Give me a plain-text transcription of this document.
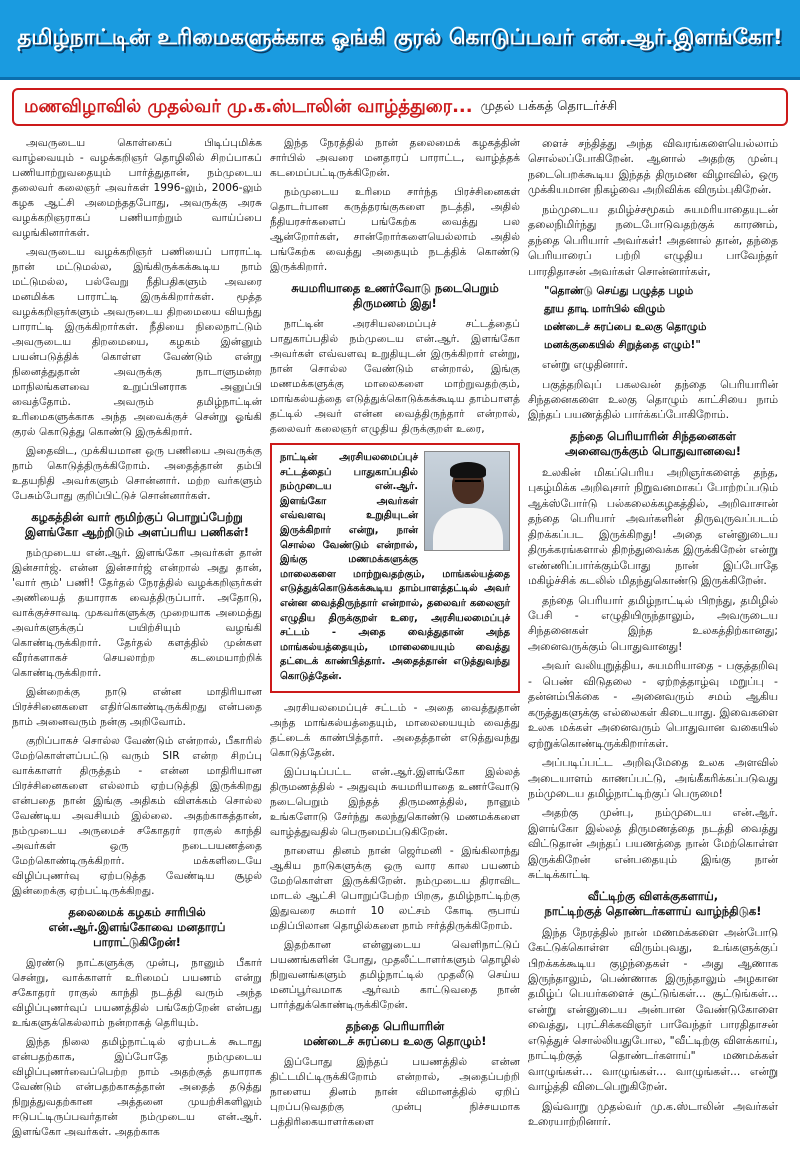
தமிழ்நாட்டின் உரிமைகளுக்காக ஓங்கி குரல் கொடுப்பவர் என்.ஆர்.இளங்கோ!
மணவிழாவில் முதல்வர் மு.க.ஸ்டாலின் வாழ்த்துரை... முதல் பக்கத் தொடர்ச்சி

அவருடைய கொள்கைப் பிடிப்புமிக்க வாழ்வையும் - வழக்கறிஞர் தொழிலில் சிறப்பாகப் பணியாற்றுவதையும் பார்த்துதான், நம்முடைய தலைவர் கலைஞர் அவர்கள் 1996-லும், 2006-லும் கழக ஆட்சி அமைந்ததபோது, அவருக்கு அரசு வழக்கறிஞராகப் பணியாற்றும் வாய்ப்பை வழங்கினார்கள்.

அவருடைய வழக்கறிஞர் பணியைப் பாராட்டி நான் மட்டுமல்ல, இங்கிருக்கக்கூடிய நாம் மட்டுமல்ல, பல்வேறு நீதிபதிகளும் அவரை மனமிக்க பாராட்டி இருக்கிறார்கள். மூத்த வழக்கறிஞர்களும் அவருடைய திறமையை வியந்து பாராட்டி இருக்கிறார்கள். நீதியை நிலைநாட்டும் அவருடைய திறமையை, கழகம் இன்னும் பயன்படுத்திக் கொள்ள வேண்டும் என்று நினைத்துதான் அவருக்கு நாடாளுமன்ற மாநிலங்களவை உறுப்பினராக அனுப்பி வைத்தோம். அவரும் தமிழ்நாட்டின் உரிமைகளுக்காக அந்த அவைக்குச் சென்று ஓங்கி குரல் கொடுத்து கொண்டு இருக்கிறார்.

இதைவிட, முக்கியமான ஒரு பணியை அவருக்கு நாம் கொடுத்திருக்கிறோம். அதைத்தான் தம்பி உதயநிதி அவர்களும் சொன்னார். மற்ற வர்களும் பேசும்போது குறிப்பிட்டுச் சொன்னார்கள்.

கழகத்தின் வார் ரூமிற்குப் பொறுப்பேற்று இளங்கோ ஆற்றிடும் அளப்பரிய பணிகள்!

நம்முடைய என்.ஆர். இளங்கோ அவர்கள் தான் இன்சார்ஜ். என்ன இன்சார்ஜ் என்றால் அது தான், 'வார் ரூம்' பணி! தேர்தல் நேரத்தில் வழக்கறிஞர்கள் அணியைத் தயாராக வைத்திருப்பார். அதோடு, வாக்குச்சாவடி முகவர்களுக்கு முறையாக அமைத்து அவர்களுக்குப் பயிற்சியும் வழங்கி கொண்டிருக்கிறார். தேர்தல் களத்தில் முன்கள வீரர்களாகச் செயலாற்ற கடமையாற்றிக் கொண்டிருக்கிறார்.

இன்றைக்கு நாடு என்ன மாதிரியான பிரச்சினைகளை எதிர்கொண்டிருக்கிறது என்பதை நாம் அனைவரும் நன்கு அறிவோம்.

குறிப்பாகச் சொல்ல வேண்டும் என்றால், பீகாரில் மேற்கொள்ளப்பட்டு வரும் SIR என்ற சிறப்பு வாக்காளர் திருத்தம் - என்ன மாதிரியான பிரச்சினைகளை எல்லாம் ஏற்படுத்தி இருக்கிறது என்பதை நான் இங்கு அதிகம் விளக்கம் சொல்ல வேண்டிய அவசியம் இல்லை. அதற்காகத்தான், நம்முடைய அருமைச் சகோதரர் ராகுல் காந்தி அவர்கள் ஒரு நடைபயணத்தை மேற்கொண்டிருக்கிறார். மக்களிடையே விழிப்புணர்வு ஏற்படுத்த வேண்டிய சூழல் இன்றைக்கு ஏற்பட்டிருக்கிறது.

தலைமைக் கழகம் சாரிபில் என்.ஆர்.இளங்கோவை மனதாரப் பாராட்டுகிறேன்!

இரண்டு நாட்களுக்கு முன்பு, நானும் பீகார் சென்று, வாக்காளர் உரிமைப் பயணம் என்று சகோதரர் ராகுல் காந்தி நடத்தி வரும் அந்த விழிப்புணர்வுப் பயணத்தில் பங்கேற்றேன் என்பது உங்களுக்கெல்லாம் நன்றாகத் தெரியும்.

இந்த நிலை தமிழ்நாட்டில் ஏற்படக் கூடாது என்பதற்காக, இப்போதே நம்முடைய விழிப்புணர்வைப்பெற்ற நாம் அதற்குத் தயாராக வேண்டும் என்பதற்காகத்தான் அதைத் தடுத்து நிறுத்துவதற்கான அத்தனை முயற்சிகளிலும் ஈடுபட்டிருப்பவர்தான் நம்முடைய என்.ஆர். இளங்கோ அவர்கள். அதற்காக

இந்த நேரத்தில் நான் தலைமைக் கழகத்தின் சார்பில் அவரை மனதாரப் பாராட்ட, வாழ்த்தக் கடமைப்பட்டிருக்கிறேன்.

நம்முடைய உரிமை சார்ந்த பிரச்சினைகள் தொடர்பான கருத்தரங்குகளை நடத்தி, அதில் நீதியரசர்களைப் பங்கேற்க வைத்து பல ஆன்றோர்கள், சான்றோர்களையெல்லாம் அதில் பங்கேற்க வைத்து அதையும் நடத்திக் கொண்டு இருக்கிறார்.

சுயமரியாதை உணர்வோடு நடைபெறும் திருமணம் இது!

நாட்டின் அரசியலமைப்புச் சட்டத்தைப் பாதுகாப்பதில் நம்முடைய என்.ஆர். இளங்கோ அவர்கள் எவ்வளவு உறுதியுடன் இருக்கிறார் என்று, நான் சொல்ல வேண்டும் என்றால், இங்கு மணமக்களுக்கு மாலைகளை மாற்றுவதற்கும், மாங்கல்யத்தை எடுத்துக்கொடுக்கக்கூடிய தாம்பாளத் தட்டில் அவர் என்ன வைத்திருந்தார் என்றால், தலைவர் கலைஞர் எழுதிய திருக்குறள் உரை,

நாட்டின் அரசியலமைப்புச் சட்டத்தைப் பாதுகாப்பதில் நம்முடைய என்.ஆர். இளங்கோ அவர்கள் எவ்வளவு உறுதியுடன் இருக்கிறார் என்று, நான் சொல்ல வேண்டும் என்றால், இங்கு மணமக்களுக்கு மாலைகளை மாற்றுவதற்கும், மாங்கல்யத்தை எடுத்துக்கொடுக்கக்கூடிய தாம்பாளத்தட்டில் அவர் என்ன வைத்திருந்தார் என்றால், தலைவர் கலைஞர் எழுதிய திருக்குறள் உரை, அரசியலமைப்புச் சட்டம் - அதை வைத்துதான் அந்த மாங்கல்யத்தையும், மாலையையும் வைத்து தட்டைக் காண்பித்தார். அதைத்தான் எடுத்துவந்து கொடுத்தேன்.

அரசியலமைப்புச் சட்டம் - அதை வைத்துதான் அந்த மாங்கல்யத்தையும், மாலையையும் வைத்து தட்டைக் காண்பித்தார். அதைத்தான் எடுத்துவந்து கொடுத்தேன்.

இப்படிப்பட்ட என்.ஆர்.இளங்கோ இல்லத் திருமணத்தில் - அதுவும் சுயமரியாதை உணர்வோடு நடைபெறும் இந்தத் திருமணத்தில், நானும் உங்களோடு சேர்ந்து கலந்துகொண்டு மணமக்களை வாழ்த்துவதில் பெருமைப்படுகிறேன்.

நாளைய தினம் நான் ஜெர்மனி - இங்கிலாந்து ஆகிய நாடுகளுக்கு ஒரு வார கால பயணம் மேற்கொள்ள இருக்கிறேன். நம்முடைய திராவிட மாடல் ஆட்சி பொறுப்பேற்ற பிறகு, தமிழ்நாட்டிற்கு இதுவரை சுமார் 10 லட்சம் கோடி ரூபாய் மதிப்பிலான தொழில்களை நாம் ஈர்த்திருக்கிறோம்.

இதற்கான என்னுடைய வெளிநாட்டுப் பயணங்களின் போது, முதலீட்டாளர்களும் தொழில் நிறுவனங்களும் தமிழ்நாட்டில் முதலீடு செய்ய மனப்பூர்வமாக ஆர்வம் காட்டுவதை நான் பார்த்துக்கொண்டிருக்கிறேன்.

தந்தை பெரியாரின்
மண்டைச் சுரப்பை உலகு தொழும்!

இப்போது இந்தப் பயணத்தில் என்ன திட்டமிட்டிருக்கிறோம் என்றால், அதைப்பற்றி நாளைய தினம் நான் விமானத்தில் ஏறிப் புறப்படுவதற்கு முன்பு நிச்சயமாக பத்திரிகையாளர்களை

ளைச் சந்தித்து அந்த விவரங்களையெல்லாம் சொல்லப்போகிறேன். ஆனால் அதற்கு முன்பு நடைபெறக்கூடிய இந்தத் திருமண விழாவில், ஒரு முக்கியமான நிகழ்வை அறிவிக்க விரும்புகிறேன்.

நம்முடைய தமிழ்ச்சமூகம் சுயமரியாதையுடன் தலைநிமிர்ந்து நடைபோடுவதற்குக் காரணம், தந்தை பெரியார் அவர்கள்! அதனால் தான், தந்தை பெரியாரைப் பற்றி எழுதிய பாவேந்தர் பாரதிதாசன் அவர்கள் சொன்னார்கள்,

"தொண்டு செய்து பழுத்த பழம்
தூய தாடி மார்பில் விழும்
மண்டைச் சுரப்பை உலகு தொழும்
மனக்குகையில் சிறுத்தை எழும்!"

என்று எழுதினார்.

பகுத்தறிவுப் பகலவன் தந்தை பெரியாரின் சிந்தனைகளை உலகு தொழும் காட்சியை நாம் இந்தப் பயணத்தில் பார்க்கப்போகிறோம்.

தந்தை பெரியாரின் சிந்தனைகள்
அனைவருக்கும் பொதுவானவை!

உலகின் மிகப்பெரிய அறிஞர்களைத் தந்த, புகழ்மிக்க அறிவுசார் நிறுவனமாகப் போற்றப்படும் ஆக்ஸ்போர்டு பல்கலைக்கழகத்தில், அறிவாசான் தந்தை பெரியார் அவர்களின் திருவுருவப்படம் திறக்கப்பட இருக்கிறது! அதை என்னுடைய திருக்கரங்களால் திறந்துவைக்க இருக்கிறேன் என்று எண்ணிப்பார்க்கும்போது நான் இப்போதே மகிழ்ச்சிக் கடலில் மிதந்துகொண்டு இருக்கிறேன்.

தந்தை பெரியார் தமிழ்நாட்டில் பிறந்து, தமிழில் பேசி - எழுதியிருந்தாலும், அவருடைய சிந்தனைகள் இந்த உலகத்திற்கானது; அனைவருக்கும் பொதுவானது!

அவர் வலியுறுத்திய, சுயமரியாதை - பகுத்தறிவு - பெண் விடுதலை - ஏற்றத்தாழ்வு மறுப்பு - தன்னம்பிக்கை - அனைவரும் சமம் ஆகிய கருத்துகளுக்கு எல்லைகள் கிடையாது. இவைகளை உலக மக்கள் அனைவரும் பொதுவான வகையில் ஏற்றுக்கொண்டிருக்கிறார்கள்.

அப்படிப்பட்ட அறிவுமேதை உலக அளவில் அடையாளம் காணப்பட்டு, அங்கீகரிக்கப்படுவது நம்முடைய தமிழ்நாட்டிற்குப் பெருமை!

அதற்கு முன்பு, நம்முடைய என்.ஆர். இளங்கோ இல்லத் திருமணத்தை நடத்தி வைத்து விட்டுதான் அந்தப் பயணத்தை நான் மேற்கொள்ள இருக்கிறேன் என்பதையும் இங்கு நான் சுட்டிக்காட்டி

வீட்டிற்கு விளக்குகளாய்,
நாட்டிற்குத் தொண்டர்களாய் வாழ்ந்திடுக!

இந்த நேரத்தில் நான் மணமக்களை அன்போடு கேட்டுக்கொள்ள விரும்புவது, உங்களுக்குப் பிறக்கக்கூடிய குழந்தைகள் - அது ஆணாக இருந்தாலும், பெண்ணாக இருந்தாலும் அழகான தமிழ்ப் பெயர்களைச் சூட்டுங்கள்... சூட்டுங்கள்... என்று என்னுடைய அன்பான வேண்டுகோளை வைத்து, புரட்சிக்கவிஞர் பாவேந்தர் பாரதிதாசன் எடுத்துச் சொல்லியதுபோல, "வீட்டிற்கு விளக்காய், நாட்டிற்குத் தொண்டர்களாய்" மணமக்கள் வாழுங்கள்... வாழுங்கள்... வாழுங்கள்... என்று வாழ்த்தி விடைபெறுகிறேன்.

இவ்வாறு முதல்வர் மு.க.ஸ்டாலின் அவர்கள் உரையாற்றினார்.
